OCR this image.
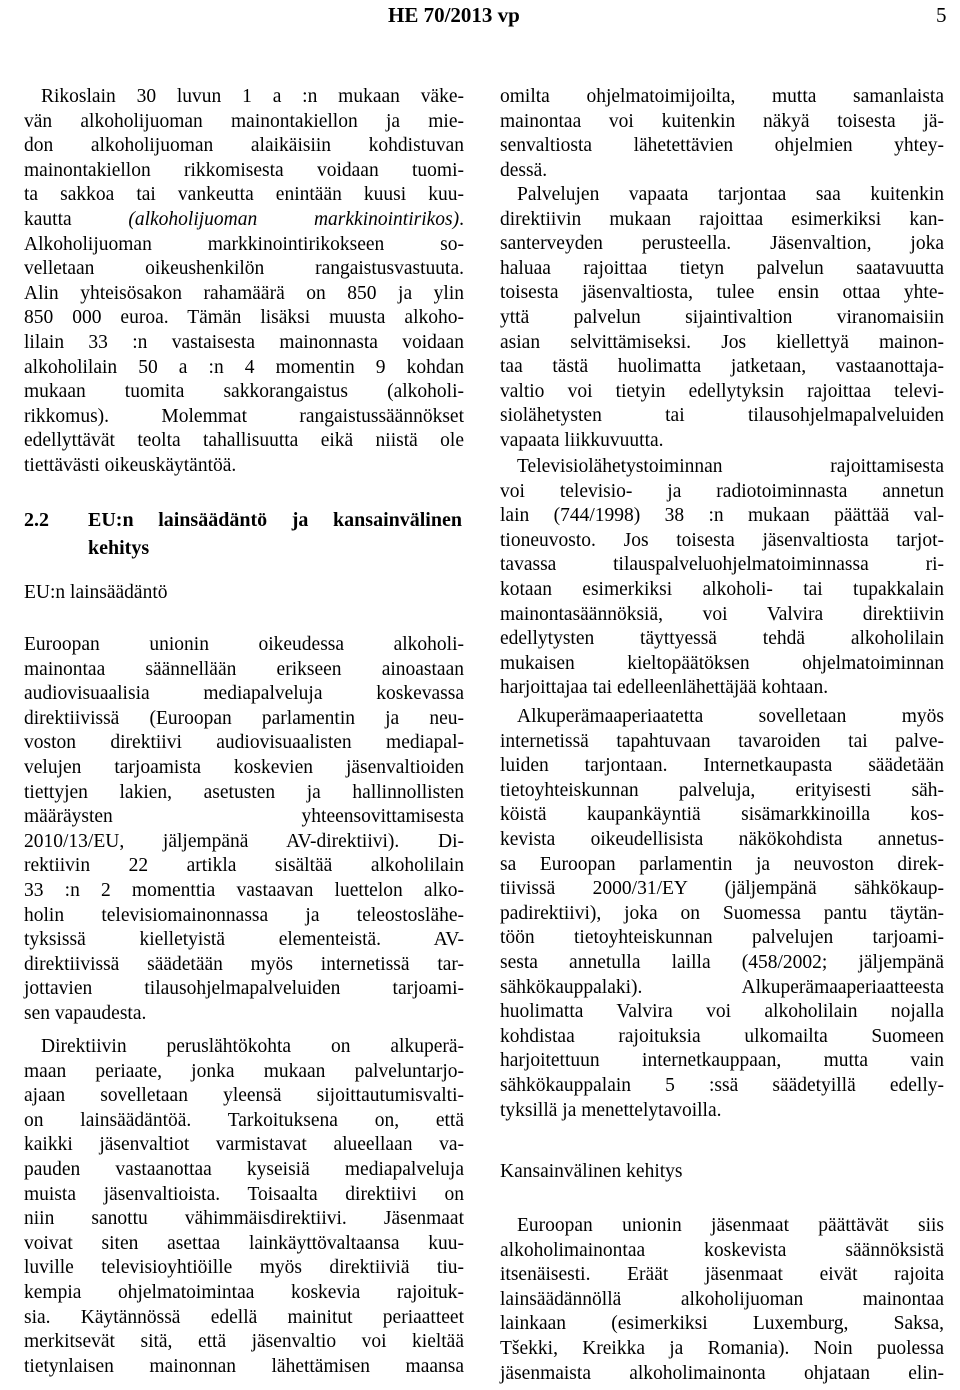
HE 70/2013 vp	5
Rikoslain 30 luvun 1 a :n mukaan väke-
vän alkoholijuoman mainontakiellon ja mie-
don alkoholijuoman alaikäisiin kohdistuvan
mainontakiellon rikkomisesta voidaan tuomi-
ta sakkoa tai vankeutta enintään kuusi kuu-
kautta (alkoholijuoman markkinointirikos).
Alkoholijuoman markkinointirikokseen so-
velletaan oikeushenkilön rangaistusvastuuta.
Alin yhteisösakon rahamäärä on 850 ja ylin
850 000 euroa. Tämän lisäksi muusta alkoho-
lilain 33 :n vastaisesta mainonnasta voidaan
alkoholilain 50 a :n 4 momentin 9 kohdan
mukaan tuomita sakkorangaistus (alkoholi-
rikkomus). Molemmat rangaistussäännökset
edellyttävät teolta tahallisuutta eikä niistä ole
tiettävästi oikeuskäytäntöä.
2.2 EU:n lainsäädäntö ja kansainvälinen
kehitys
EU:n lainsäädäntö
Euroopan unionin oikeudessa alkoholi-
mainontaa säännellään erikseen ainoastaan
audiovisuaalisia mediapalveluja koskevassa
direktiivissä (Euroopan parlamentin ja neu-
voston direktiivi audiovisuaalisten mediapal-
velujen tarjoamista koskevien jäsenvaltioiden
tiettyjen lakien, asetusten ja hallinnollisten
määräysten yhteensovittamisesta
2010/13/EU, jäljempänä AV-direktiivi). Di-
rektiivin 22 artikla sisältää alkoholilain
33 :n 2 momenttia vastaavan luettelon alko-
holin televisiomainonnassa ja teleostoslähe-
tyksissä kielletyistä elementeistä. AV-
direktiivissä säädetään myös internetissä tar-
jottavien tilausohjelmapalveluiden tarjoami-
sen vapaudesta.
Direktiivin peruslähtökohta on alkuperä-
maan periaate, jonka mukaan palveluntarjo-
ajaan sovelletaan yleensä sijoittautumisvalti-
on lainsäädäntöä. Tarkoituksena on, että
kaikki jäsenvaltiot varmistavat alueellaan va-
pauden vastaanottaa kyseisiä mediapalveluja
muista jäsenvaltioista. Toisaalta direktiivi on
niin sanottu vähimmäisdirektiivi. Jäsenmaat
voivat siten asettaa lainkäyttövaltaansa kuu-
luville televisioyhtiöille myös direktiiviä tiu-
kempia ohjelmatoimintaa koskevia rajoituk-
sia. Käytännössä edellä mainitut periaatteet
merkitsevät sitä, että jäsenvaltio voi kieltää
tietynlaisen mainonnan lähettämisen maansa
omilta ohjelmatoimijoilta, mutta samanlaista
mainontaa voi kuitenkin näkyä toisesta jä-
senvaltiosta lähetettävien ohjelmien yhtey-
dessä.
Palvelujen vapaata tarjontaa saa kuitenkin
direktiivin mukaan rajoittaa esimerkiksi kan-
santerveyden perusteella. Jäsenvaltion, joka
haluaa rajoittaa tietyn palvelun saatavuutta
toisesta jäsenvaltiosta, tulee ensin ottaa yhte-
yttä palvelun sijaintivaltion viranomaisiin
asian selvittämiseksi. Jos kiellettyä mainon-
taa tästä huolimatta jatketaan, vastaanottaja-
valtio voi tietyin edellytyksin rajoittaa televi-
siolähetysten tai tilausohjelmapalveluiden
vapaata liikkuvuutta.
Televisiolähetystoiminnan rajoittamisesta
voi televisio- ja radiotoiminnasta annetun
lain (744/1998) 38 :n mukaan päättää val-
tioneuvosto. Jos toisesta jäsenvaltiosta tarjot-
tavassa tilauspalveluohjelmatoiminnassa ri-
kotaan esimerkiksi alkoholi- tai tupakkalain
mainontasäännöksiä, voi Valvira direktiivin
edellytysten täyttyessä tehdä alkoholilain
mukaisen kieltopäätöksen ohjelmatoiminnan
harjoittajaa tai edelleenlähettäjää kohtaan.
Alkuperämaaperiaatetta sovelletaan myös
internetissä tapahtuvaan tavaroiden tai palve-
luiden tarjontaan. Internetkaupasta säädetään
tietoyhteiskunnan palveluja, erityisesti säh-
köistä kaupankäyntiä sisämarkkinoilla kos-
kevista oikeudellisista näkökohdista annetus-
sa Euroopan parlamentin ja neuvoston direk-
tiivissä 2000/31/EY (jäljempänä sähkökaup-
padirektiivi), joka on Suomessa pantu täytän-
töön tietoyhteiskunnan palvelujen tarjoami-
sesta annetulla lailla (458/2002; jäljempänä
sähkökauppalaki). Alkuperämaaperiaatteesta
huolimatta Valvira voi alkoholilain nojalla
kohdistaa rajoituksia ulkomailta Suomeen
harjoitettuun internetkauppaan, mutta vain
sähkökauppalain 5 :ssä säädetyillä edelly-
tyksillä ja menettelytavoilla.
Kansainvälinen kehitys
Euroopan unionin jäsenmaat päättävät siis
alkoholimainontaa koskevista säännöksistä
itsenäisesti. Eräät jäsenmaat eivät rajoita
lainsäädännöllä alkoholijuoman mainontaa
lainkaan (esimerkiksi Luxemburg, Saksa,
Tšekki, Kreikka ja Romania). Noin puolessa
jäsenmaista alkoholimainonta ohjataan elin-
